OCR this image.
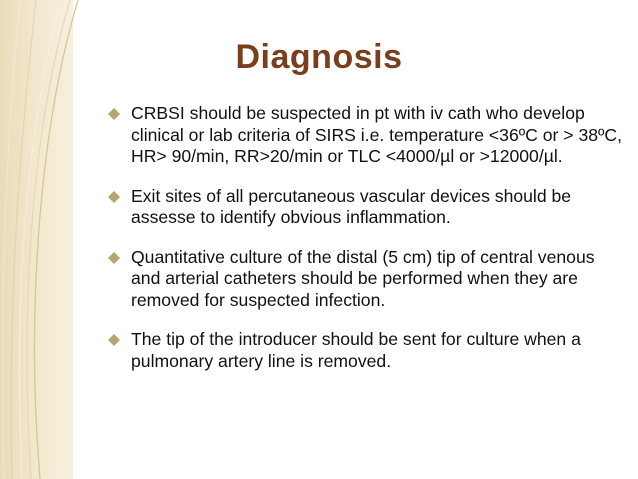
Diagnosis
CRBSI should be suspected in pt with iv cath who develop clinical or lab criteria of SIRS i.e. temperature <36ºC or > 38ºC, HR> 90/min, RR>20/min or TLC <4000/µl or >12000/µl.
Exit sites of all percutaneous vascular devices should be assesse to identify obvious inflammation.
Quantitative culture of the distal (5 cm) tip of central venous and arterial catheters should be performed when they are removed for suspected infection.
The tip of the introducer should be sent for culture when a pulmonary artery line is removed.
